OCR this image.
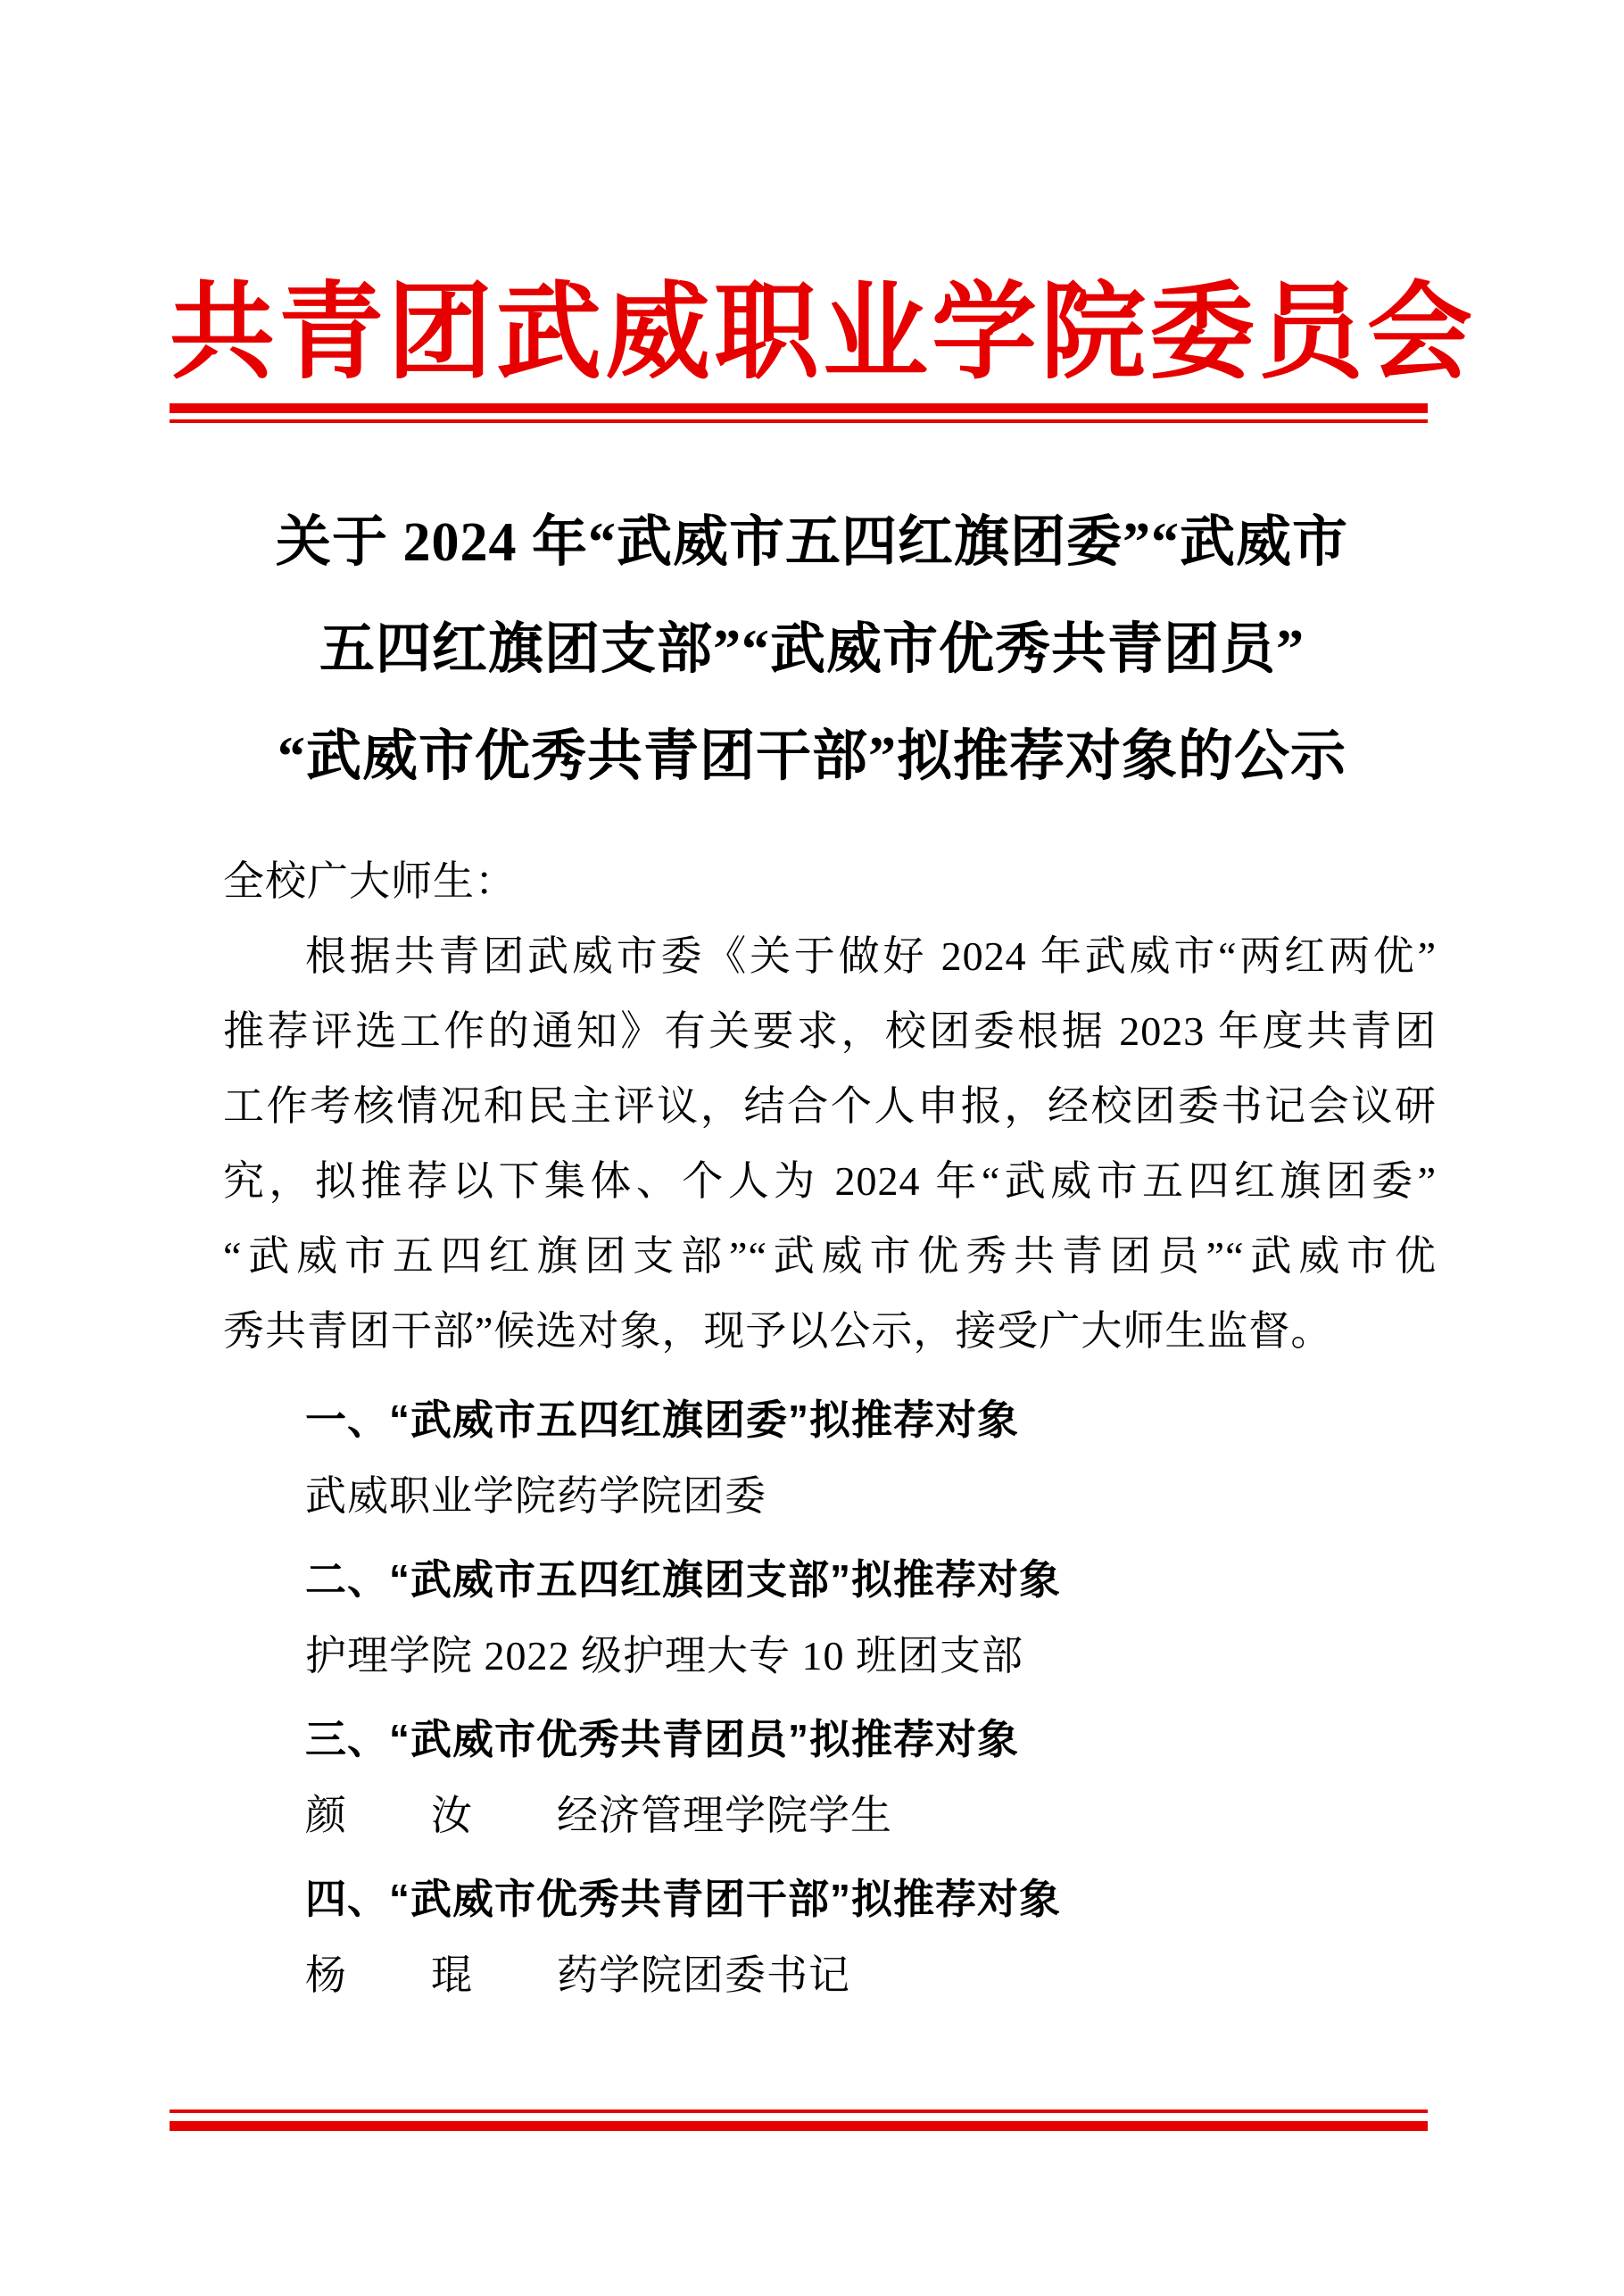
共青团武威职业学院委员会
关于 2024 年“武威市五四红旗团委”“武威市
五四红旗团支部”“武威市优秀共青团员”
“武威市优秀共青团干部”拟推荐对象的公示
全校广大师生：
根据共青团武威市委《关于做好 2024 年武威市“两红两优”
推荐评选工作的通知》有关要求，校团委根据 2023 年度共青团
工作考核情况和民主评议，结合个人申报，经校团委书记会议研
究，拟推荐以下集体、个人为 2024 年“武威市五四红旗团委”
“武威市五四红旗团支部”“武威市优秀共青团员”“武威市优
秀共青团干部”候选对象，现予以公示，接受广大师生监督。
一、“武威市五四红旗团委”拟推荐对象
武威职业学院药学院团委
二、“武威市五四红旗团支部”拟推荐对象
护理学院 2022 级护理大专 10 班团支部
三、“武威市优秀共青团员”拟推荐对象
颜　　汝　　经济管理学院学生
四、“武威市优秀共青团干部”拟推荐对象
杨　　琨　　药学院团委书记
